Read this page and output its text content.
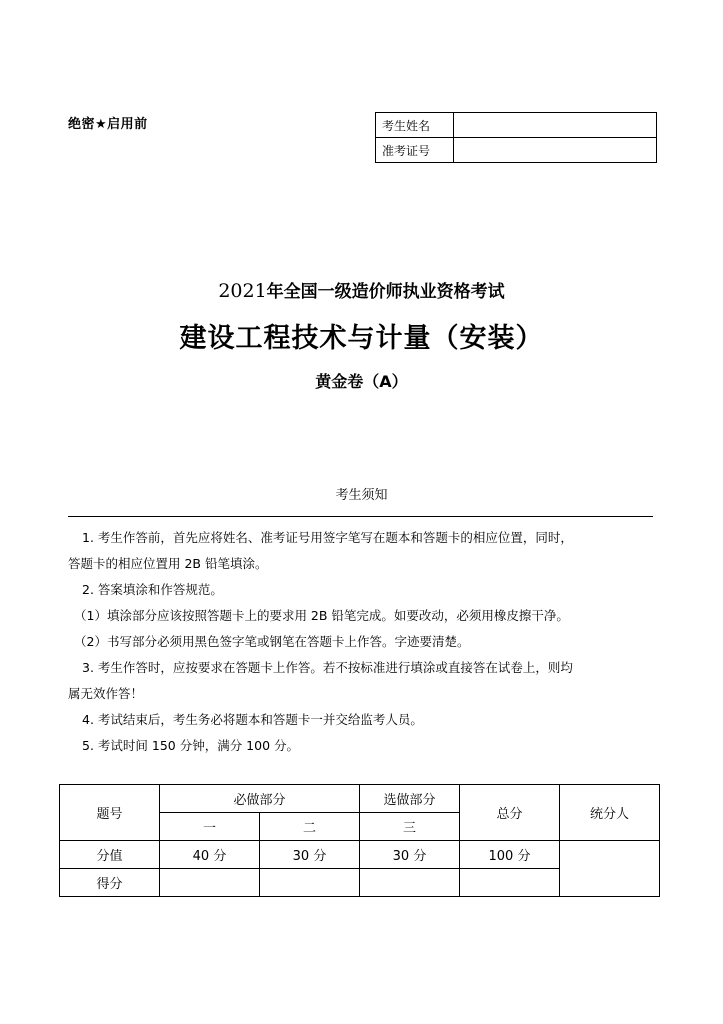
绝密★启用前	考生姓名	
准考证号	
2021年全国一级造价师执业资格考试
建设工程技术与计量（安装）
黄金卷（A）
考生须知

1. 考生作答前，首先应将姓名、准考证号用签字笔写在题本和答题卡的相应位置，同时，

答题卡的相应位置用 2B 铅笔填涂。

2. 答案填涂和作答规范。

（1）填涂部分应该按照答题卡上的要求用 2B 铅笔完成。如要改动，必须用橡皮擦干净。

（2）书写部分必须用黑色签字笔或钢笔在答题卡上作答。字迹要清楚。

3. 考生作答时，应按要求在答题卡上作答。若不按标准进行填涂或直接答在试卷上，则均

属无效作答！

4. 考试结束后，考生务必将题本和答题卡一并交给监考人员。

5. 考试时间 150 分钟，满分 100 分。

题号	必做部分		选做部分	总分	统分人
	一	二	三		
分值	40 分	30 分	30 分	100 分	
得分					
